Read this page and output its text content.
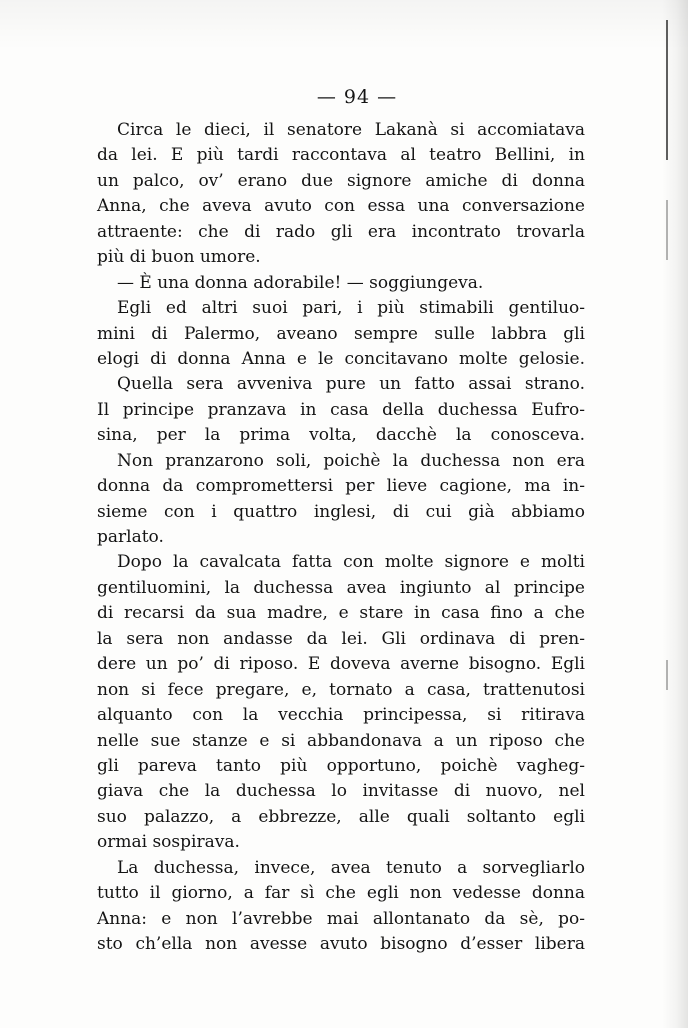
— 94 —

Circa le dieci, il senatore Lakanà si accomiatava
da lei. E più tardi raccontava al teatro Bellini, in
un palco, ov’ erano due signore amiche di donna
Anna, che aveva avuto con essa una conversazione
attraente: che di rado gli era incontrato trovarla
più di buon umore.
— È una donna adorabile! — soggiungeva.
Egli ed altri suoi pari, i più stimabili gentiluo-
mini di Palermo, aveano sempre sulle labbra gli
elogi di donna Anna e le concitavano molte gelosie.
Quella sera avveniva pure un fatto assai strano.
Il principe pranzava in casa della duchessa Eufro-
sina, per la prima volta, dacchè la conosceva.
Non pranzarono soli, poichè la duchessa non era
donna da compromettersi per lieve cagione, ma in-
sieme con i quattro inglesi, di cui già abbiamo
parlato.
Dopo la cavalcata fatta con molte signore e molti
gentiluomini, la duchessa avea ingiunto al principe
di recarsi da sua madre, e stare in casa fino a che
la sera non andasse da lei. Gli ordinava di pren-
dere un po’ di riposo. E doveva averne bisogno. Egli
non si fece pregare, e, tornato a casa, trattenutosi
alquanto con la vecchia principessa, si ritirava
nelle sue stanze e si abbandonava a un riposo che
gli pareva tanto più opportuno, poichè vagheg-
giava che la duchessa lo invitasse di nuovo, nel
suo palazzo, a ebbrezze, alle quali soltanto egli
ormai sospirava.
La duchessa, invece, avea tenuto a sorvegliarlo
tutto il giorno, a far sì che egli non vedesse donna
Anna: e non l’avrebbe mai allontanato da sè, po-
sto ch’ella non avesse avuto bisogno d’esser libera
